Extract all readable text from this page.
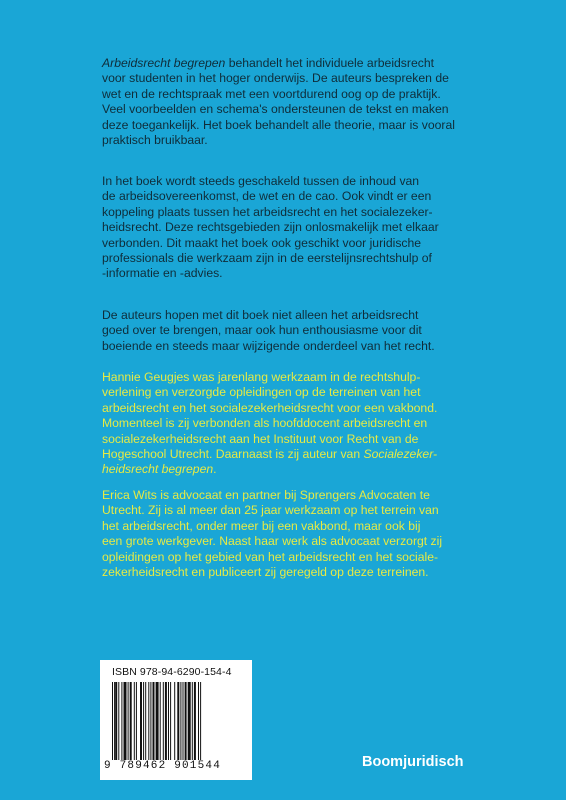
Arbeidsrecht begrepen behandelt het individuele arbeidsrecht

voor studenten in het hoger onderwijs. De auteurs bespreken de

wet en de rechtspraak met een voortdurend oog op de praktijk.

Veel voorbeelden en schema's ondersteunen de tekst en maken

deze toegankelijk. Het boek behandelt alle theorie, maar is vooral

praktisch bruikbaar.

In het boek wordt steeds geschakeld tussen de inhoud van

de arbeidsovereenkomst, de wet en de cao. Ook vindt er een

koppeling plaats tussen het arbeidsrecht en het socialezeker-

heidsrecht. Deze rechtsgebieden zijn onlosmakelijk met elkaar

verbonden. Dit maakt het boek ook geschikt voor juridische

professionals die werkzaam zijn in de eerstelijnsrechtshulp of

-informatie en -advies.

De auteurs hopen met dit boek niet alleen het arbeidsrecht

goed over te brengen, maar ook hun enthousiasme voor dit

boeiende en steeds maar wijzigende onderdeel van het recht.

Hannie Geugjes was jarenlang werkzaam in de rechtshulp-

verlening en verzorgde opleidingen op de terreinen van het

arbeidsrecht en het socialezekerheidsrecht voor een vakbond.

Momenteel is zij verbonden als hoofddocent arbeidsrecht en

socialezekerheidsrecht aan het Instituut voor Recht van de

Hogeschool Utrecht. Daarnaast is zij auteur van Socialezeker-

heidsrecht begrepen.

Erica Wits is advocaat en partner bij Sprengers Advocaten te

Utrecht. Zij is al meer dan 25 jaar werkzaam op het terrein van

het arbeidsrecht, onder meer bij een vakbond, maar ook bij

een grote werkgever. Naast haar werk als advocaat verzorgt zij

opleidingen op het gebied van het arbeidsrecht en het sociale-

zekerheidsrecht en publiceert zij geregeld op deze terreinen.

ISBN 978-94-6290-154-4
9 789462 901544	Boomjuridisch
